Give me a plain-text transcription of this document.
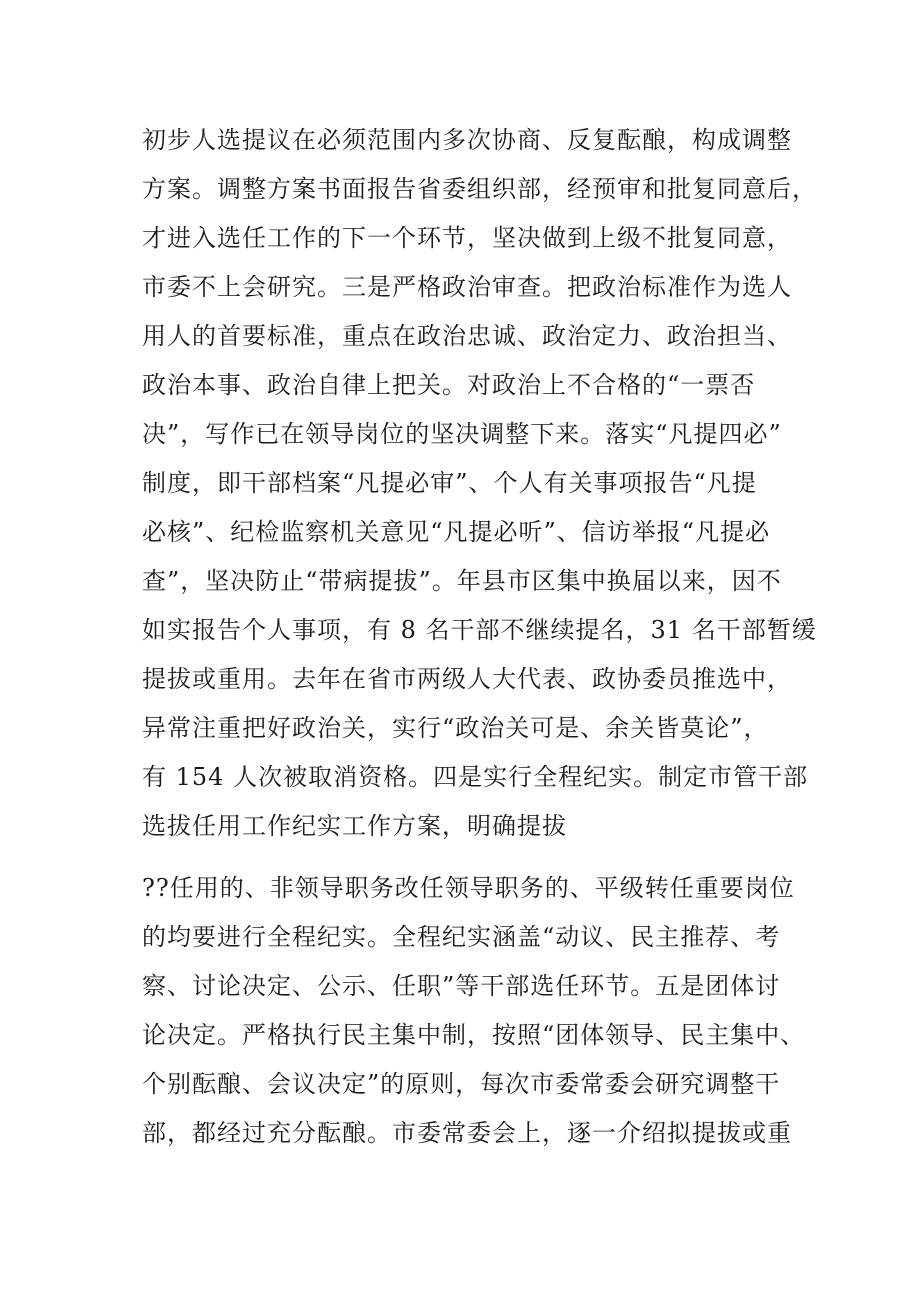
初步人选提议在必须范围内多次协商、反复酝酿，构成调整
方案。调整方案书面报告省委组织部，经预审和批复同意后，
才进入选任工作的下一个环节，坚决做到上级不批复同意，
市委不上会研究。三是严格政治审查。把政治标准作为选人
用人的首要标准，重点在政治忠诚、政治定力、政治担当、
政治本事、政治自律上把关。对政治上不合格的“一票否
决”，写作已在领导岗位的坚决调整下来。落实“凡提四必”
制度，即干部档案“凡提必审”、个人有关事项报告“凡提
必核”、纪检监察机关意见“凡提必听”、信访举报“凡提必
查”，坚决防止“带病提拔”。年县市区集中换届以来，因不
如实报告个人事项，有 8 名干部不继续提名，31 名干部暂缓
提拔或重用。去年在省市两级人大代表、政协委员推选中，
异常注重把好政治关，实行“政治关可是、余关皆莫论”，
有 154 人次被取消资格。四是实行全程纪实。制定市管干部
选拔任用工作纪实工作方案，明确提拔
??任用的、非领导职务改任领导职务的、平级转任重要岗位
的均要进行全程纪实。全程纪实涵盖“动议、民主推荐、考
察、讨论决定、公示、任职”等干部选任环节。五是团体讨
论决定。严格执行民主集中制，按照“团体领导、民主集中、
个别酝酿、会议决定”的原则，每次市委常委会研究调整干
部，都经过充分酝酿。市委常委会上，逐一介绍拟提拔或重
